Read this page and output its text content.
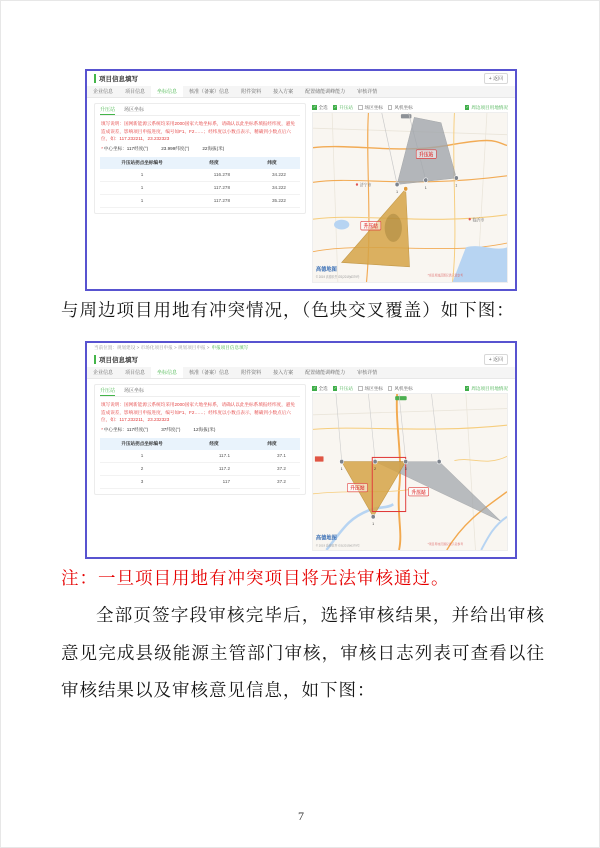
项目信息填写	+ 返回
企业信息	项目信息	坐标信息	核准（备案）信息	附件资料	接入方案	配置储能调峰能力	审核详情
升压站 场区坐标
填写说明：国网新能源云系统均采用2000国家大地坐标系，请确认以此坐标系填报经纬度，避免造成误差，影响项目申报进度，编号如F1、F2……；经纬度以小数点表示，精确到小数点后六位，如：117.232211，23.232323
*中心坐标：117经度(°)	23.999纬度(°)	22海拔(米)
升压站拐点坐标编号	经度	纬度
1	116.278	34.222
1	117.278	34.222
1	117.278	35.222
✓
全选 ✓	升压站	场区坐标	风机坐标 ✓	周边项目用地情况
1
1
1
升压站
升压站
济宁市
临沂市
高德地图
© 2019 高德软件 GS(2019)6379号	*项目用地范围仅供示意参考
与周边项目用地有冲突情况，（色块交叉覆盖）如下图：
当前位置：规划建设 > 市场化项目申报 > 规划项目申报 > 申报项目信息填写
项目信息填写	+ 返回
企业信息	项目信息	坐标信息	核准（备案）信息	附件资料	接入方案	配置储能调峰能力	审核详情
升压站 场区坐标
填写说明：国网新能源云系统均采用2000国家大地坐标系，请确认以此坐标系填报经纬度，避免造成误差，影响项目申报进度，编号如F1、F2……；经纬度以小数点表示，精确到小数点后六位，如：117.232211，23.232323
*中心坐标：117经度(°)	37纬度(°)	12海拔(米)
升压站拐点坐标编号	经度	纬度
1	117.1	37.1
2	117.2	37.2
3	117	37.2
✓
全选 ✓	升压站	场区坐标	风机坐标 ✓	周边项目用地情况
1	2	3
1
升压站
升压站
高德地图
© 2019 高德软件 GS(2019)6379号	*项目用地范围仅供示意参考
注：一旦项目用地有冲突项目将无法审核通过。
全部页签字段审核完毕后，选择审核结果，并给出审核意见完成县级能源主管部门审核，审核日志列表可查看以往审核结果以及审核意见信息，如下图：
7
